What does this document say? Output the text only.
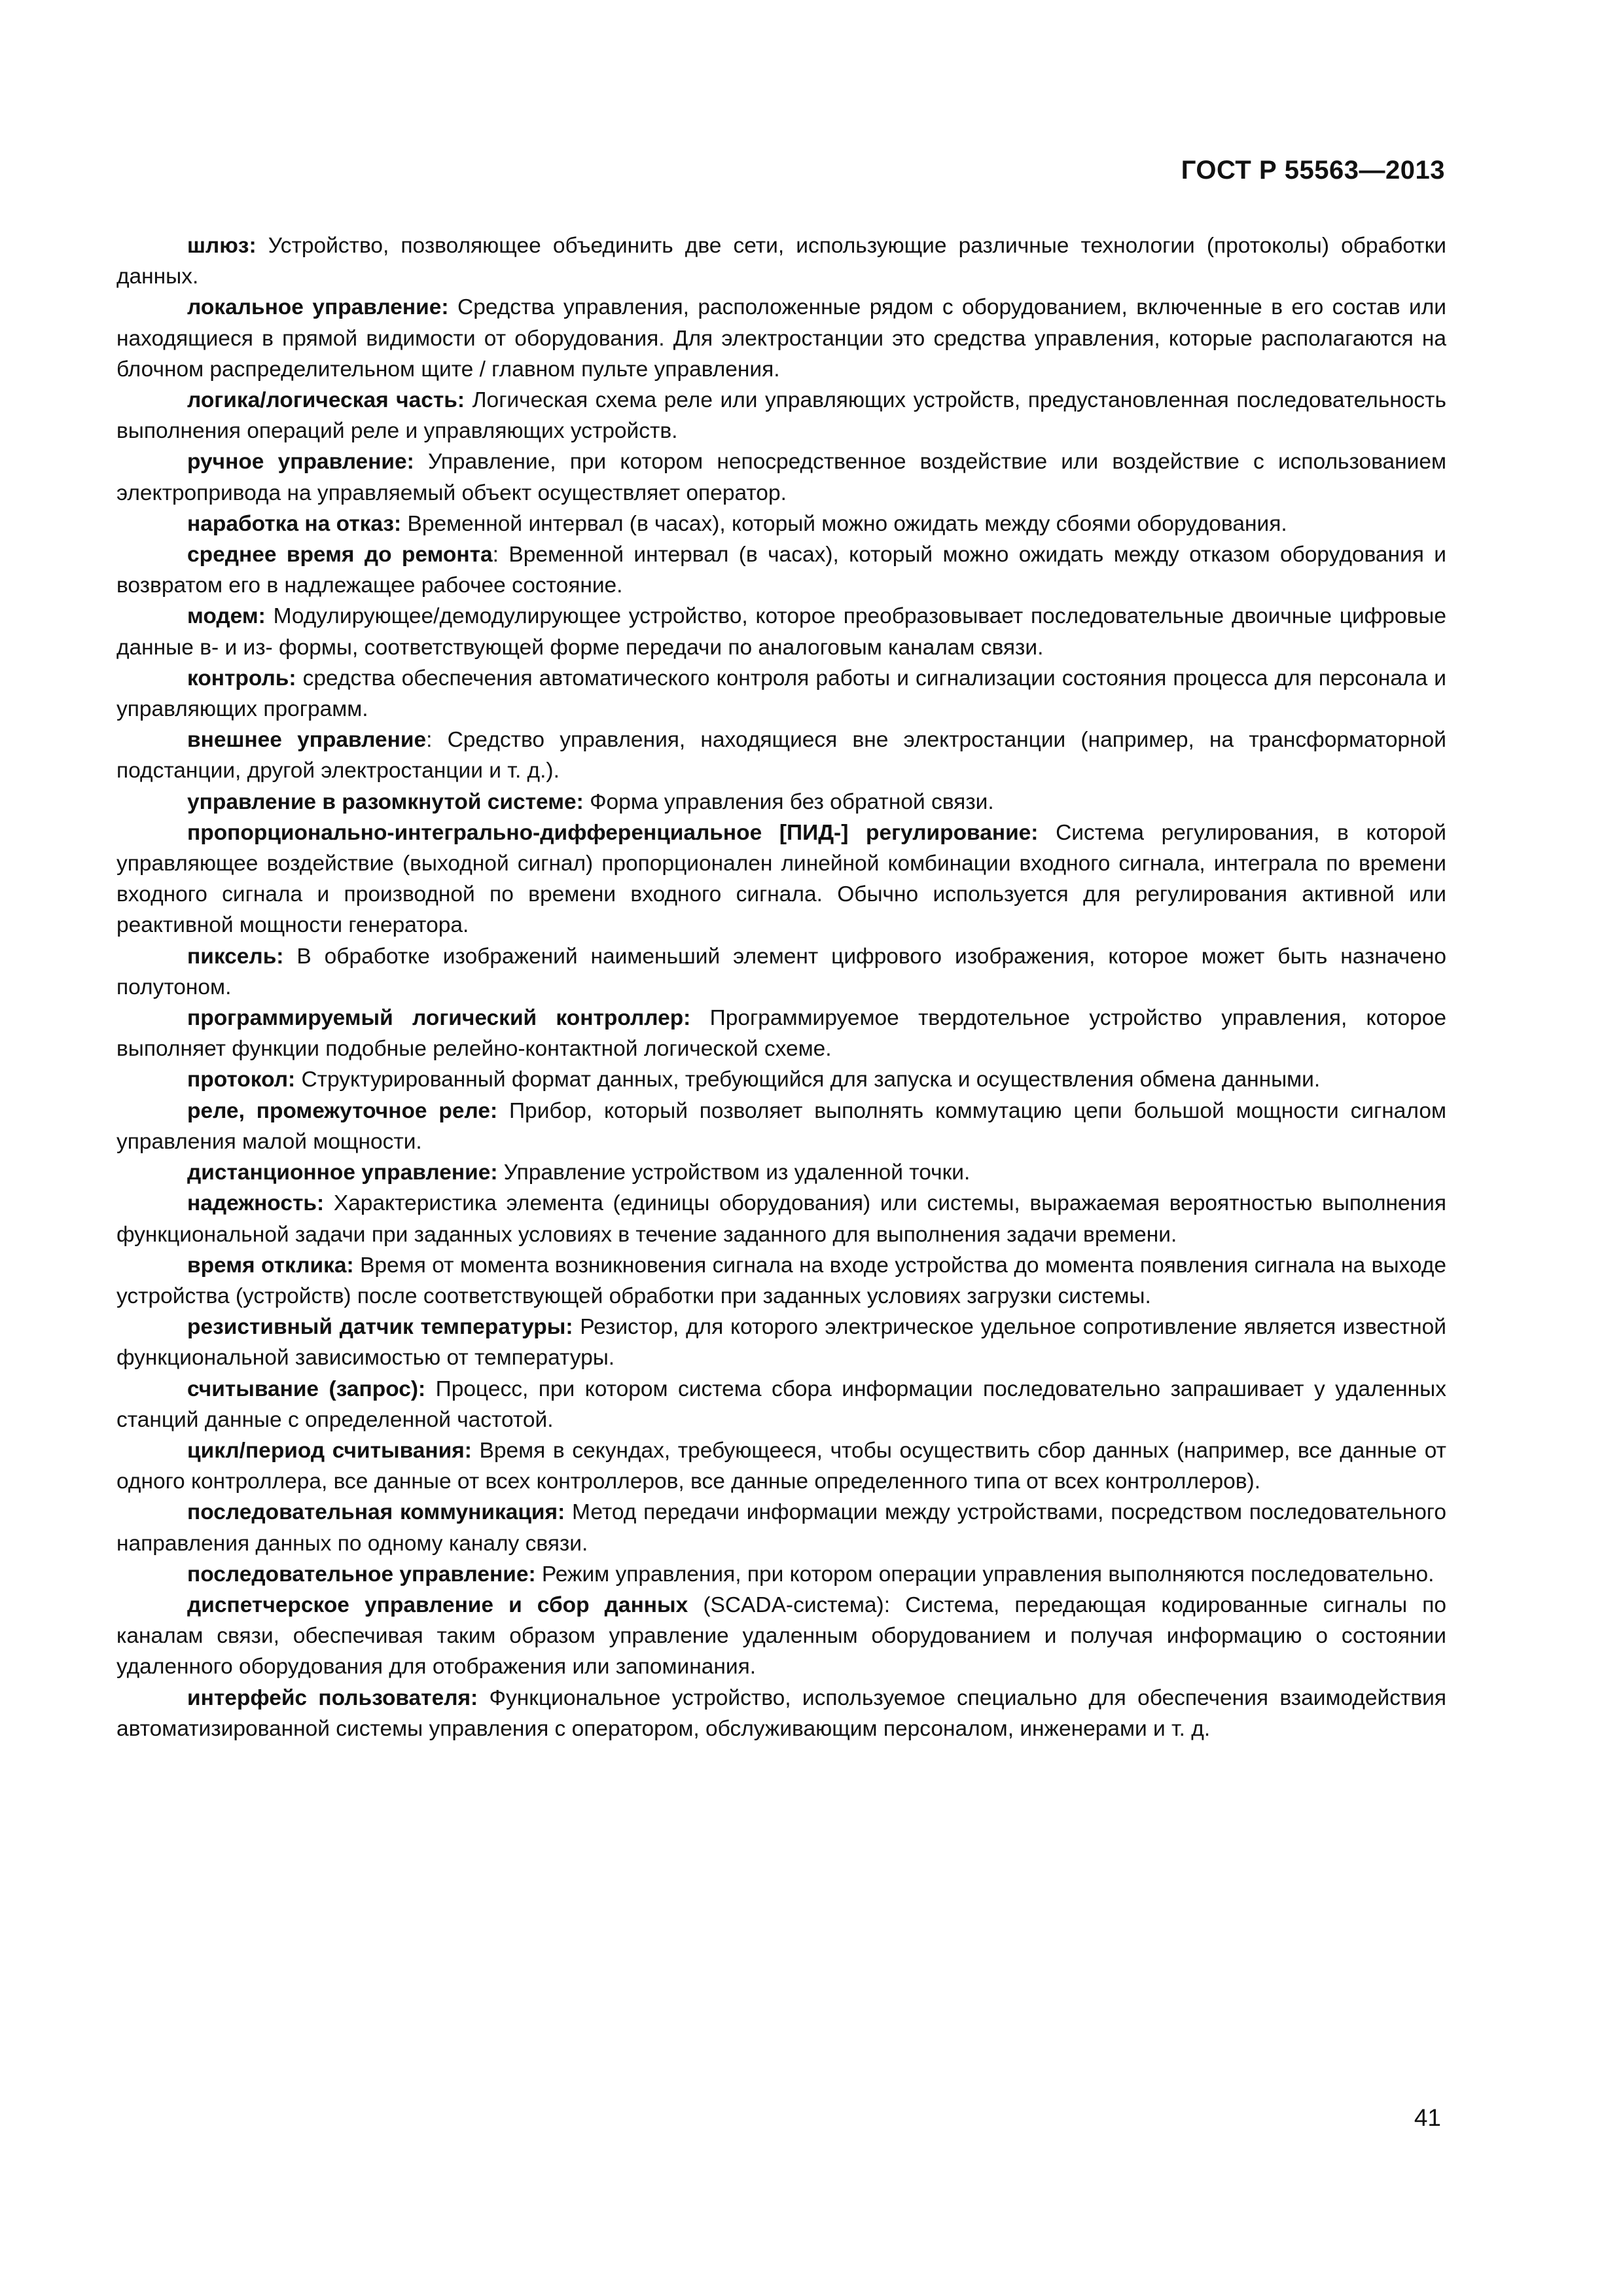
ГОСТ Р 55563—2013

шлюз: Устройство, позволяющее объединить две сети, использующие различные технологии (протоколы) обработки данных.

локальное управление: Средства управления, расположенные рядом с оборудованием, включенные в его состав или находящиеся в прямой видимости от оборудования. Для электростанции это средства управления, которые располагаются на блочном распределительном щите / главном пульте управления.

логика/логическая часть: Логическая схема реле или управляющих устройств, предустановленная последовательность выполнения операций реле и управляющих устройств.

ручное управление: Управление, при котором непосредственное воздействие или воздействие с использованием электропривода на управляемый объект осуществляет оператор.

наработка на отказ: Временной интервал (в часах), который можно ожидать между сбоями оборудования.

среднее время до ремонта: Временной интервал (в часах), который можно ожидать между отказом оборудования и возвратом его в надлежащее рабочее состояние.

модем: Модулирующее/демодулирующее устройство, которое преобразовывает последовательные двоичные цифровые данные в- и из- формы, соответствующей форме передачи по аналоговым каналам связи.

контроль: средства обеспечения автоматического контроля работы и сигнализации состояния процесса для персонала и управляющих программ.

внешнее управление: Средство управления, находящиеся вне электростанции (например, на трансформаторной подстанции, другой электростанции и т. д.).

управление в разомкнутой системе: Форма управления без обратной связи.

пропорционально-интегрально-дифференциальное [ПИД-] регулирование: Система регулирования, в которой управляющее воздействие (выходной сигнал) пропорционален линейной комбинации входного сигнала, интеграла по времени входного сигнала и производной по времени входного сигнала. Обычно используется для регулирования активной или реактивной мощности генератора.

пиксель: В обработке изображений наименьший элемент цифрового изображения, которое может быть назначено полутоном.

программируемый логический контроллер: Программируемое твердотельное устройство управления, которое выполняет функции подобные релейно-контактной логической схеме.

протокол: Структурированный формат данных, требующийся для запуска и осуществления обмена данными.

реле, промежуточное реле: Прибор, который позволяет выполнять коммутацию цепи большой мощности сигналом управления малой мощности.

дистанционное управление: Управление устройством из удаленной точки.

надежность: Характеристика элемента (единицы оборудования) или системы, выражаемая вероятностью выполнения функциональной задачи при заданных условиях в течение заданного для выполнения задачи времени.

время отклика: Время от момента возникновения сигнала на входе устройства до момента появления сигнала на выходе устройства (устройств) после соответствующей обработки при заданных условиях загрузки системы.

резистивный датчик температуры: Резистор, для которого электрическое удельное сопротивление является известной функциональной зависимостью от температуры.

считывание (запрос): Процесс, при котором система сбора информации последовательно запрашивает у удаленных станций данные с определенной частотой.

цикл/период считывания: Время в секундах, требующееся, чтобы осуществить сбор данных (например, все данные от одного контроллера, все данные от всех контроллеров, все данные определенного типа от всех контроллеров).

последовательная коммуникация: Метод передачи информации между устройствами, посредством последовательного направления данных по одному каналу связи.

последовательное управление: Режим управления, при котором операции управления выполняются последовательно.

диспетчерское управление и сбор данных (SCADA-система): Система, передающая кодированные сигналы по каналам связи, обеспечивая таким образом управление удаленным оборудованием и получая информацию о состоянии удаленного оборудования для отображения или запоминания.

интерфейс пользователя: Функциональное устройство, используемое специально для обеспечения взаимодействия автоматизированной системы управления с оператором, обслуживающим персоналом, инженерами и т. д.

41
